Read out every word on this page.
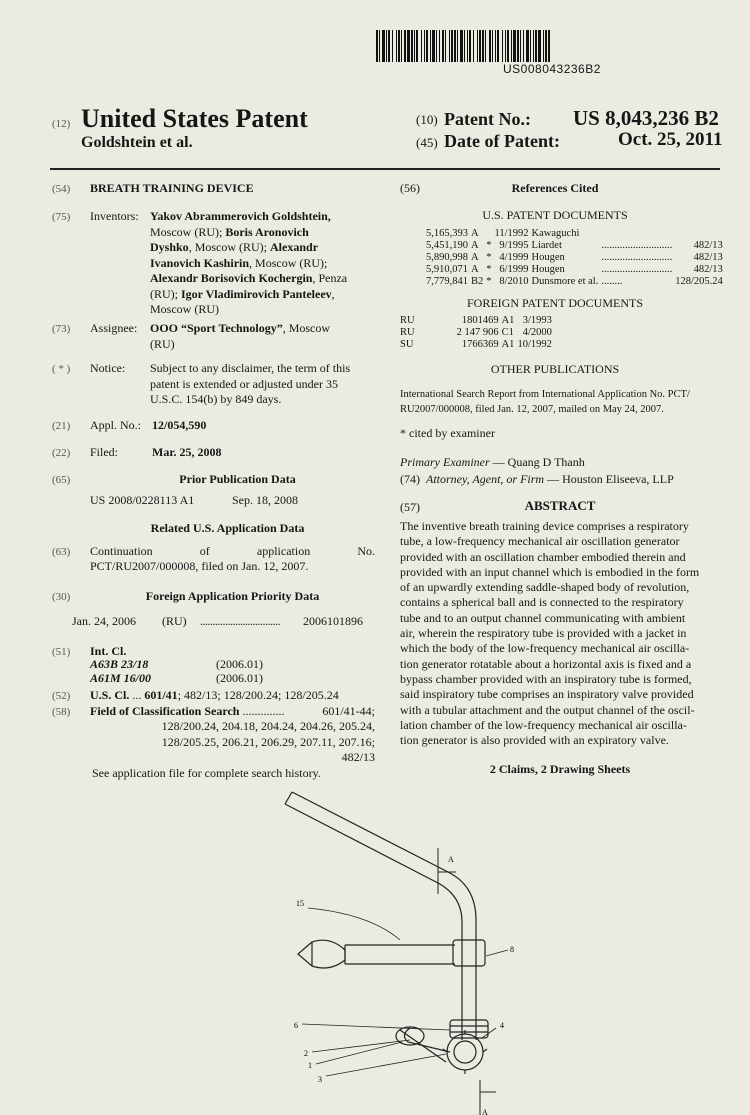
US008043236B2
(12) United States Patent
Goldshtein et al.
(10) Patent No.: US 8,043,236 B2
(45) Date of Patent:	Oct. 25, 2011
(54) BREATH TRAINING DEVICE
(75) Inventors: Yakov Abrammerovich Goldshtein,
Moscow (RU); Boris Aronovich
Dyshko, Moscow (RU); Alexandr
Ivanovich Kashirin, Moscow (RU);
Alexandr Borisovich Kochergin, Penza
(RU); Igor Vladimirovich Panteleev,
Moscow (RU)
(73) Assignee: OOO “Sport Technology”, Moscow
(RU)
( * ) Notice: Subject to any disclaimer, the term of this
patent is extended or adjusted under 35
U.S.C. 154(b) by 849 days.
(21) Appl. No.: 12/054,590
(22) Filed:	Mar. 25, 2008
(65)	Prior Publication Data
US 2008/0228113 A1	Sep. 18, 2008
Related U.S. Application Data
(63) Continuation	of	application	No.
PCT/RU2007/000008, filed on Jan. 12, 2007.
(30)	Foreign Application Priority Data
Jan. 24, 2006 (RU) ................................ 2006101896
(51) Int. Cl.
A63B 23/18	(2006.01)
A61M 16/00	(2006.01)
(52) U.S. Cl. ... 601/41; 482/13; 128/200.24; 128/205.24
(58) Field of Classification Search ..............	601/41-44;
128/200.24, 204.18, 204.24, 204.26, 205.24,
128/205.25, 206.21, 206.29, 207.11, 207.16;
482/13
See application file for complete search history.
(56)	References Cited
U.S. PATENT DOCUMENTS
5,165,393	A		11/1992	Kawaguchi		
5,451,190	A	*	9/1995	Liardet	...........................	482/13
5,890,998	A	*	4/1999	Hougen	...........................	482/13
5,910,071	A	*	6/1999	Hougen	...........................	482/13
7,779,841	B2	*	8/2010	Dunsmore et al.	........	128/205.24
FOREIGN PATENT DOCUMENTS
RU	1801469	A1	3/1993
RU	2 147 906	C1	4/2000
SU	1766369	A1	10/1992
OTHER PUBLICATIONS
International Search Report from International Application No. PCT/
RU2007/000008, filed Jan. 12, 2007, mailed on May 24, 2007.
* cited by examiner
Primary Examiner — Quang D Thanh
(74) Attorney, Agent, or Firm — Houston Eliseeva, LLP
(57)	ABSTRACT
The inventive breath training device comprises a respiratory
tube, a low-frequency mechanical air oscillation generator
provided with an oscillation chamber embodied therein and
provided with an input channel which is embodied in the form
of an upwardly extending saddle-shaped body of revolution,
contains a spherical ball and is connected to the respiratory
tube and to an output channel communicating with ambient
air, wherein the respiratory tube is provided with a jacket in
which the body of the low-frequency mechanical air oscilla-
tion generator rotatable about a horizontal axis is fixed and a
bypass chamber provided with an inspiratory tube is formed,
said inspiratory tube comprises an inspiratory valve provided
with a tubular attachment and the output channel of the oscil-
lation chamber of the low-frequency mechanical air oscilla-
tion generator is also provided with an expiratory valve.
2 Claims, 2 Drawing Sheets
A
A
15
8
6	4
2
1
3
